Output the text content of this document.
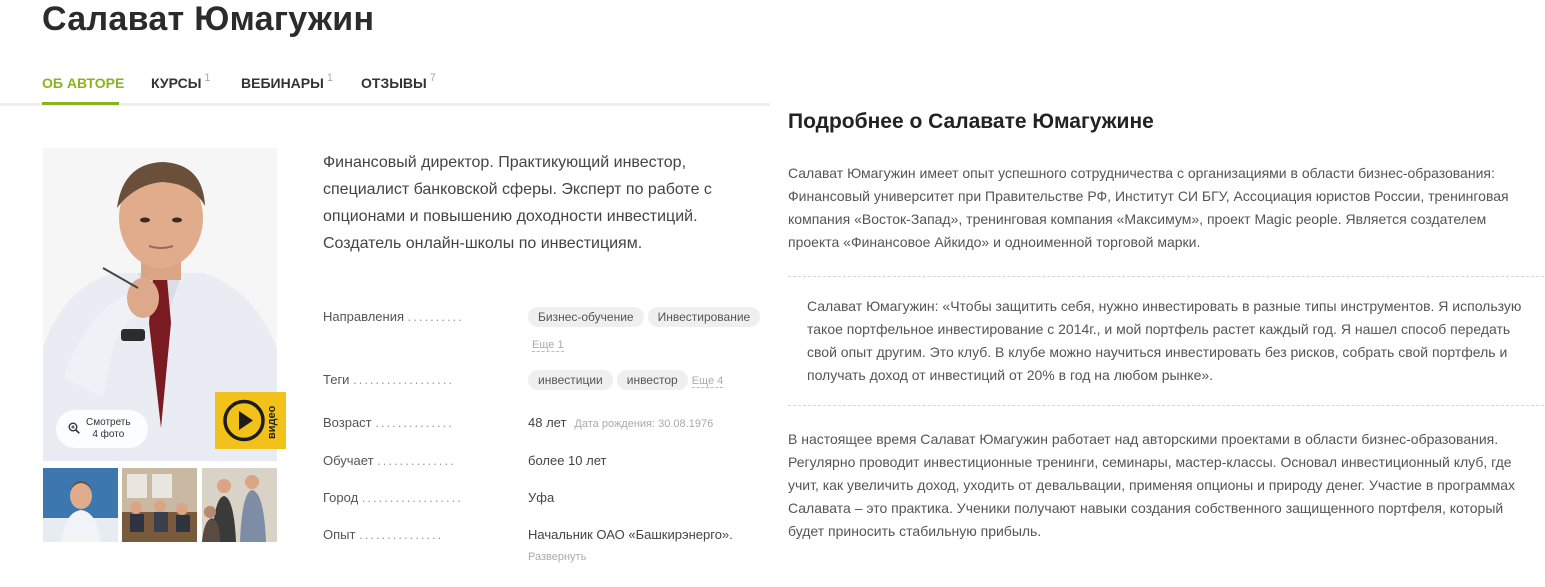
Салават Юмагужин
ОБ АВТОРЕ КУРСЫ $^1$ ВЕБИНАРЫ $^1$ ОТЗЫВЫ $^7$
Смотреть
4 фото	видео

Финансовый директор. Практикующий инвестор, специалист банковской сферы. Эксперт по работе с опционами и повышению доходности инвестиций. Создатель онлайн-школы по инвестициям.

Направления ..........	Бизнес-обучение Инвестирование
Еще 1
Теги ..................	инвестиции инвестор Еще 4
Возраст ..............	48 лет Дата рождения: 30.08.1976
Обучает ..............	более 10 лет
Город ..................	Уфа
Опыт ...............	Начальник ОАО «Башкирэнерго».
Развернуть
Подробнее о Салавате Юмагужине

Салават Юмагужин имеет опыт успешного сотрудничества с организациями в области бизнес-образования: Финансовый университет при Правительстве РФ, Институт СИ БГУ, Ассоциация юристов России, тренинговая компания «Восток-Запад», тренинговая компания «Максимум», проект Magic people. Является создателем проекта «Финансовое Айкидо» и одноименной торговой марки.

Салават Юмагужин: «Чтобы защитить себя, нужно инвестировать в разные типы инструментов. Я использую такое портфельное инвестирование с 2014г., и мой портфель растет каждый год. Я нашел способ передать свой опыт другим. Это клуб. В клубе можно научиться инвестировать без рисков, собрать свой портфель и получать доход от инвестиций от 20% в год на любом рынке».

В настоящее время Салават Юмагужин работает над авторскими проектами в области бизнес-образования. Регулярно проводит инвестиционные тренинги, семинары, мастер-классы. Основал инвестиционный клуб, где учит, как увеличить доход, уходить от девальвации, применяя опционы и природу денег. Участие в программах Салавата – это практика. Ученики получают навыки создания собственного защищенного портфеля, который будет приносить стабильную прибыль.
